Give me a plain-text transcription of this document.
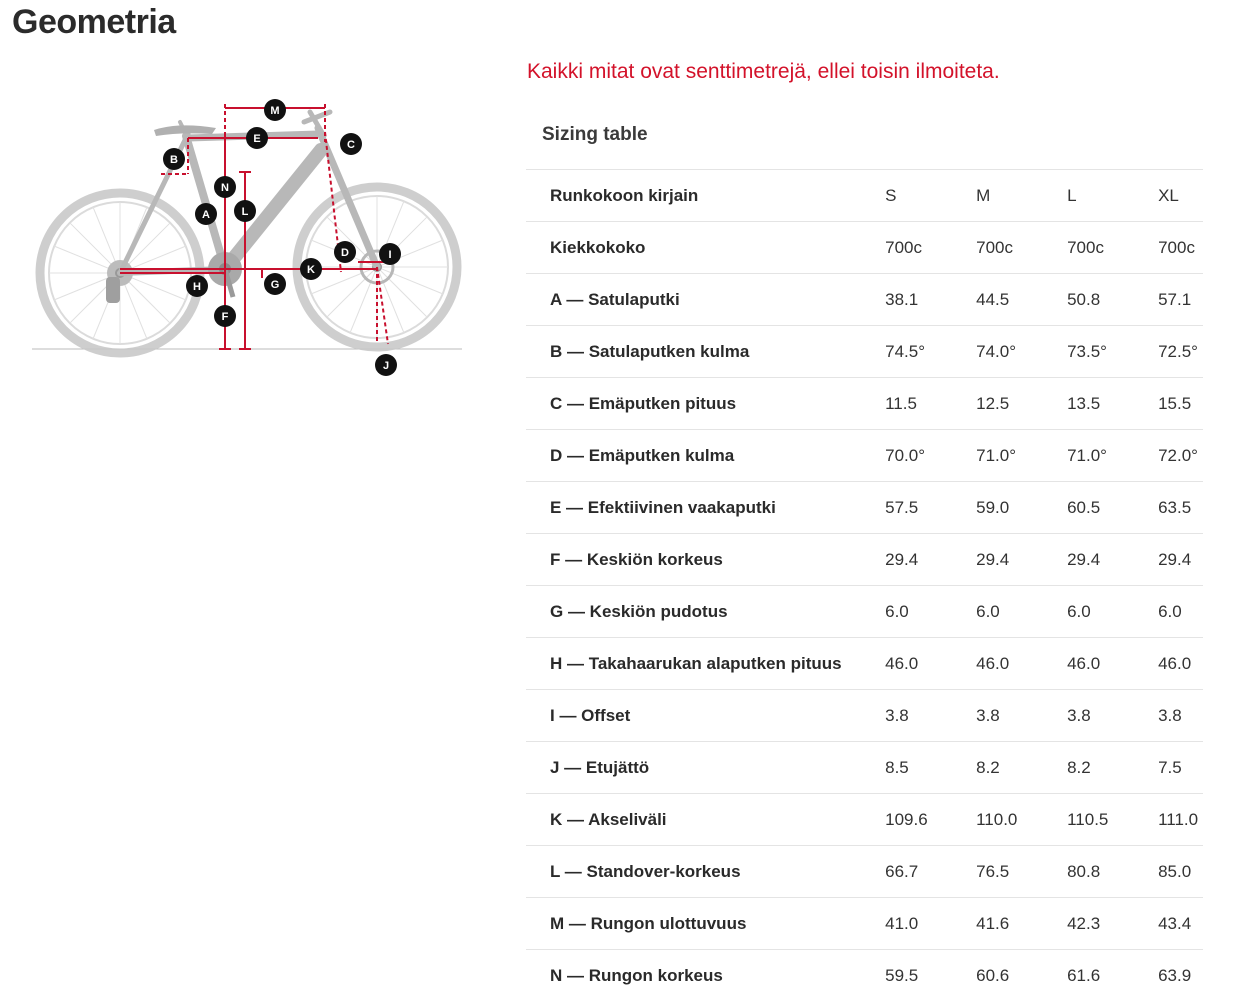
Geometria
Kaikki mitat ovat senttimetrejä, ellei toisin ilmoiteta.
M
E	C
B
N
A	L
D	I
K
G
H
F
J
Sizing table
Runkokoon kirjain	S	M	L	XL
Kiekkokoko	700c	700c	700c	700c
A — Satulaputki	38.1	44.5	50.8	57.1
B — Satulaputken kulma	74.5°	74.0°	73.5°	72.5°
C — Emäputken pituus	11.5	12.5	13.5	15.5
D — Emäputken kulma	70.0°	71.0°	71.0°	72.0°
E — Efektiivinen vaakaputki	57.5	59.0	60.5	63.5
F — Keskiön korkeus	29.4	29.4	29.4	29.4
G — Keskiön pudotus	6.0	6.0	6.0	6.0
H — Takahaarukan alaputken pituus	46.0	46.0	46.0	46.0
I — Offset	3.8	3.8	3.8	3.8
J — Etujättö	8.5	8.2	8.2	7.5
K — Akseliväli	109.6	110.0	110.5	111.0
L — Standover-korkeus	66.7	76.5	80.8	85.0
M — Rungon ulottuvuus	41.0	41.6	42.3	43.4
N — Rungon korkeus	59.5	60.6	61.6	63.9
